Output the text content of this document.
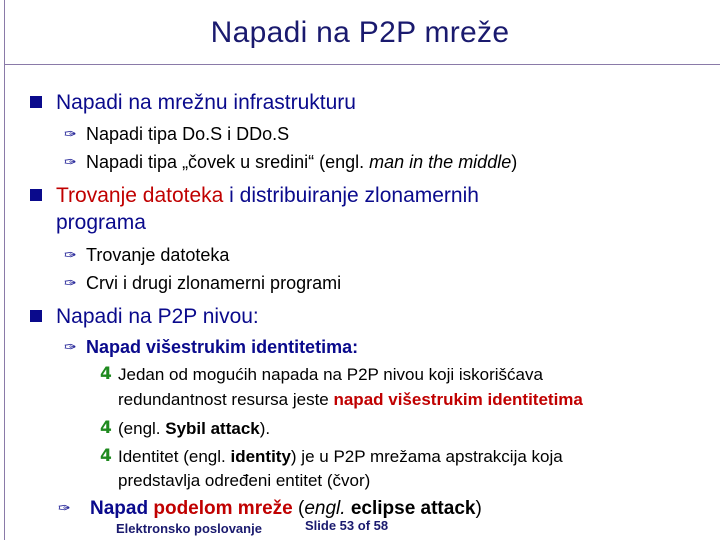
Napadi na P2P mreže
Napadi na mrežnu infrastrukturu
✑ Napadi tipa Do.S i DDo.S
✑ Napadi tipa „čovek u sredini“ (engl. man in the middle)
Trovanje datoteka i distribuiranje zlonamernih
programa
✑ Trovanje datoteka
✑ Crvi i drugi zlonamerni programi
Napadi na P2P nivou:
✑ Napad višestrukim identitetima:
4 Jedan od mogućih napada na P2P nivou koji iskorišćava
redundantnost resursa jeste napad višestrukim identitetima
4 (engl. Sybil attack).
4 Identitet (engl. identity) je u P2P mrežama apstrakcija koja
predstavlja određeni entitet (čvor)
✑ Napad podelom mreže (engl. eclipse attack)
Elektronsko poslovanje	Slide 53 of 58
